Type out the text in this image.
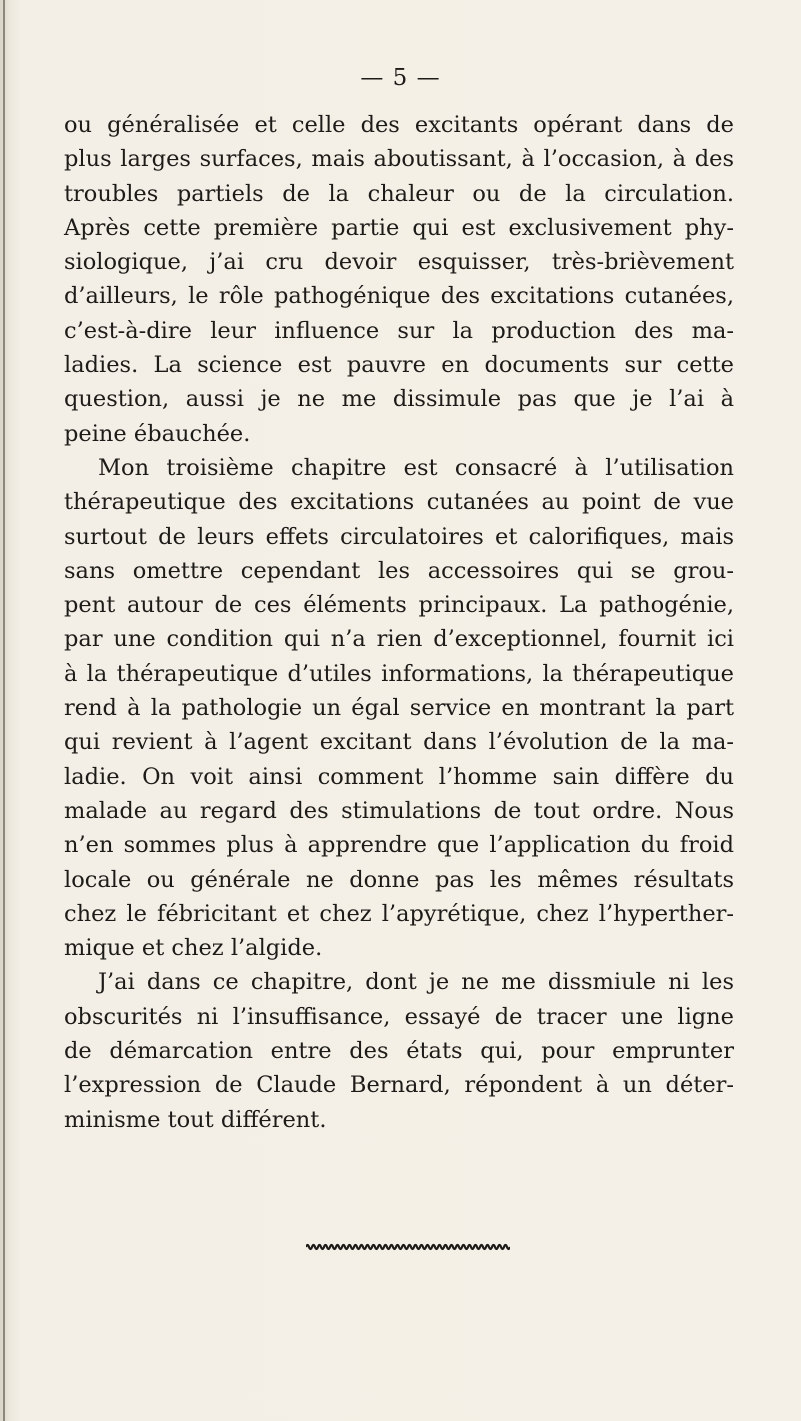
— 5 —
ou généralisée et celle des excitants opérant dans de
plus larges surfaces, mais aboutissant, à l’occasion, à des
troubles partiels de la chaleur ou de la circulation.
Après cette première partie qui est exclusivement phy-
siologique, j’ai cru devoir esquisser, très-brièvement
d’ailleurs, le rôle pathogénique des excitations cutanées,
c’est-à-dire leur influence sur la production des ma-
ladies. La science est pauvre en documents sur cette
question, aussi je ne me dissimule pas que je l’ai à
peine ébauchée.
Mon troisième chapitre est consacré à l’utilisation
thérapeutique des excitations cutanées au point de vue
surtout de leurs effets circulatoires et calorifiques, mais
sans omettre cependant les accessoires qui se grou-
pent autour de ces éléments principaux. La pathogénie,
par une condition qui n’a rien d’exceptionnel, fournit ici
à la thérapeutique d’utiles informations, la thérapeutique
rend à la pathologie un égal service en montrant la part
qui revient à l’agent excitant dans l’évolution de la ma-
ladie. On voit ainsi comment l’homme sain diffère du
malade au regard des stimulations de tout ordre. Nous
n’en sommes plus à apprendre que l’application du froid
locale ou générale ne donne pas les mêmes résultats
chez le fébricitant et chez l’apyrétique, chez l’hyperther-
mique et chez l’algide.
J’ai dans ce chapitre, dont je ne me dissmiule ni les
obscurités ni l’insuffisance, essayé de tracer une ligne
de démarcation entre des états qui, pour emprunter
l’expression de Claude Bernard, répondent à un déter-
minisme tout différent.
